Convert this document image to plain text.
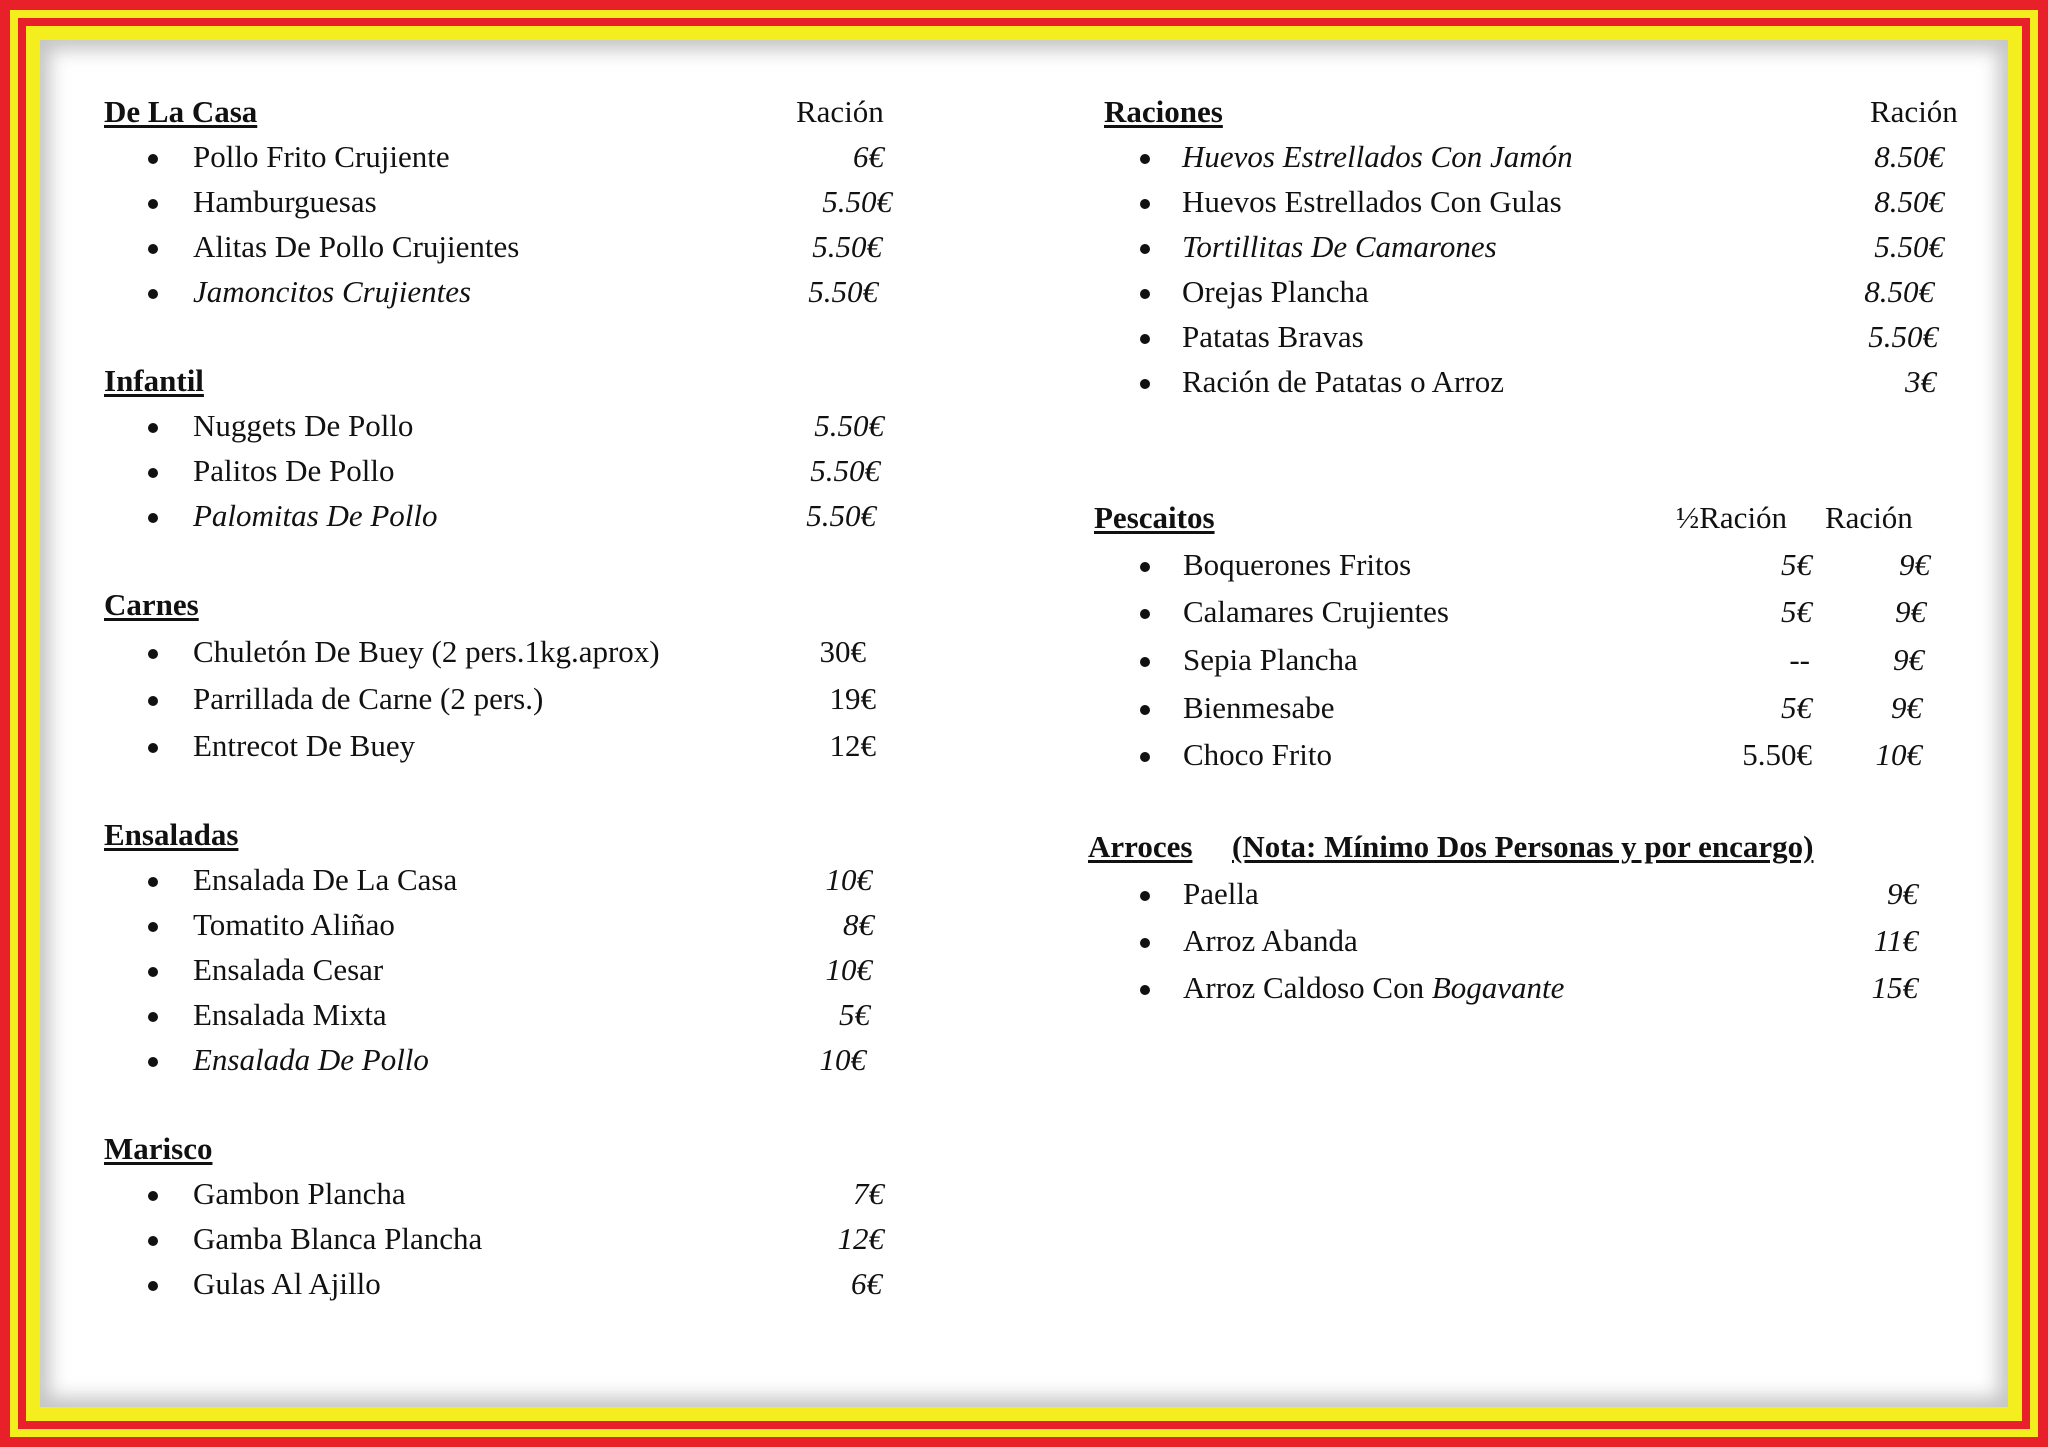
De La Casa	Ración
Pollo Frito Crujiente	6€
Hamburguesas	5.50€
Alitas De Pollo Crujientes	5.50€
Jamoncitos Crujientes	5.50€
Infantil
Nuggets De Pollo	5.50€
Palitos De Pollo	5.50€
Palomitas De Pollo	5.50€
Carnes
Chuletón De Buey (2 pers.1kg.aprox)	30€
Parrillada de Carne (2 pers.)	19€
Entrecot De Buey	12€
Ensaladas
Ensalada De La Casa	10€
Tomatito Aliñao	8€
Ensalada Cesar	10€
Ensalada Mixta	5€
Ensalada De Pollo	10€
Marisco
Gambon Plancha	7€
Gamba Blanca Plancha	12€
Gulas Al Ajillo	6€
Raciones	Ración
Huevos Estrellados Con Jamón	8.50€
Huevos Estrellados Con Gulas	8.50€
Tortillitas De Camarones	5.50€
Orejas Plancha	8.50€
Patatas Bravas	5.50€
Ración de Patatas o Arroz	3€
Pescaitos	½Ración Ración
Boquerones Fritos	5€	9€
Calamares Crujientes	5€	9€
Sepia Plancha	--	9€
Bienmesabe	5€	9€
Choco Frito	5.50€ 10€
Arroces (Nota: Mínimo Dos Personas y por encargo)
Paella	9€
Arroz Abanda	11€
Arroz Caldoso Con Bogavante	15€
